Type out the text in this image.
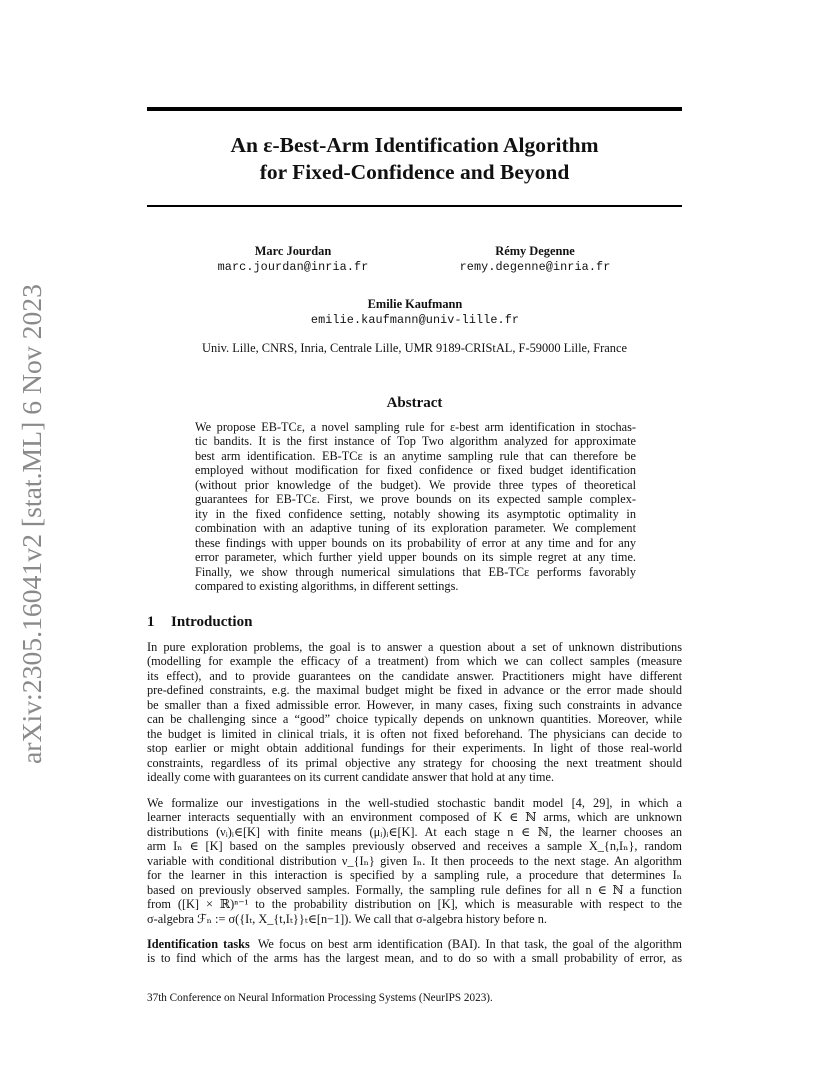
arXiv:2305.16041v2 [stat.ML] 6 Nov 2023
An ε-Best-Arm Identification Algorithm
for Fixed-Confidence and Beyond
Marc Jourdan
marc.jourdan@inria.fr
Rémy Degenne
remy.degenne@inria.fr
Emilie Kaufmann
emilie.kaufmann@univ-lille.fr
Univ. Lille, CNRS, Inria, Centrale Lille, UMR 9189-CRIStAL, F-59000 Lille, France
Abstract
We propose EB-TCε, a novel sampling rule for ε-best arm identification in stochas-
tic bandits. It is the first instance of Top Two algorithm analyzed for approximate
best arm identification. EB-TCε is an anytime sampling rule that can therefore be
employed without modification for fixed confidence or fixed budget identification
(without prior knowledge of the budget). We provide three types of theoretical
guarantees for EB-TCε. First, we prove bounds on its expected sample complex-
ity in the fixed confidence setting, notably showing its asymptotic optimality in
combination with an adaptive tuning of its exploration parameter. We complement
these findings with upper bounds on its probability of error at any time and for any
error parameter, which further yield upper bounds on its simple regret at any time.
Finally, we show through numerical simulations that EB-TCε performs favorably
compared to existing algorithms, in different settings.
1 Introduction
In pure exploration problems, the goal is to answer a question about a set of unknown distributions
(modelling for example the efficacy of a treatment) from which we can collect samples (measure
its effect), and to provide guarantees on the candidate answer. Practitioners might have different
pre-defined constraints, e.g. the maximal budget might be fixed in advance or the error made should
be smaller than a fixed admissible error. However, in many cases, fixing such constraints in advance
can be challenging since a “good” choice typically depends on unknown quantities. Moreover, while
the budget is limited in clinical trials, it is often not fixed beforehand. The physicians can decide to
stop earlier or might obtain additional fundings for their experiments. In light of those real-world
constraints, regardless of its primal objective any strategy for choosing the next treatment should
ideally come with guarantees on its current candidate answer that hold at any time.
We formalize our investigations in the well-studied stochastic bandit model [4, 29], in which a
learner interacts sequentially with an environment composed of K ∈ ℕ arms, which are unknown
distributions (νᵢ)ᵢ∈[K] with finite means (μᵢ)ᵢ∈[K]. At each stage n ∈ ℕ, the learner chooses an
arm Iₙ ∈ [K] based on the samples previously observed and receives a sample X_{n,Iₙ}, random
variable with conditional distribution ν_{Iₙ} given Iₙ. It then proceeds to the next stage. An algorithm
for the learner in this interaction is specified by a sampling rule, a procedure that determines Iₙ
based on previously observed samples. Formally, the sampling rule defines for all n ∈ ℕ a function
from ([K] × ℝ)ⁿ⁻¹ to the probability distribution on [K], which is measurable with respect to the
σ-algebra ℱₙ := σ({Iₜ, X_{t,Iₜ}}ₜ∈[n−1]). We call that σ-algebra history before n.
Identification tasks We focus on best arm identification (BAI). In that task, the goal of the algorithm
is to find which of the arms has the largest mean, and to do so with a small probability of error, as
37th Conference on Neural Information Processing Systems (NeurIPS 2023).
